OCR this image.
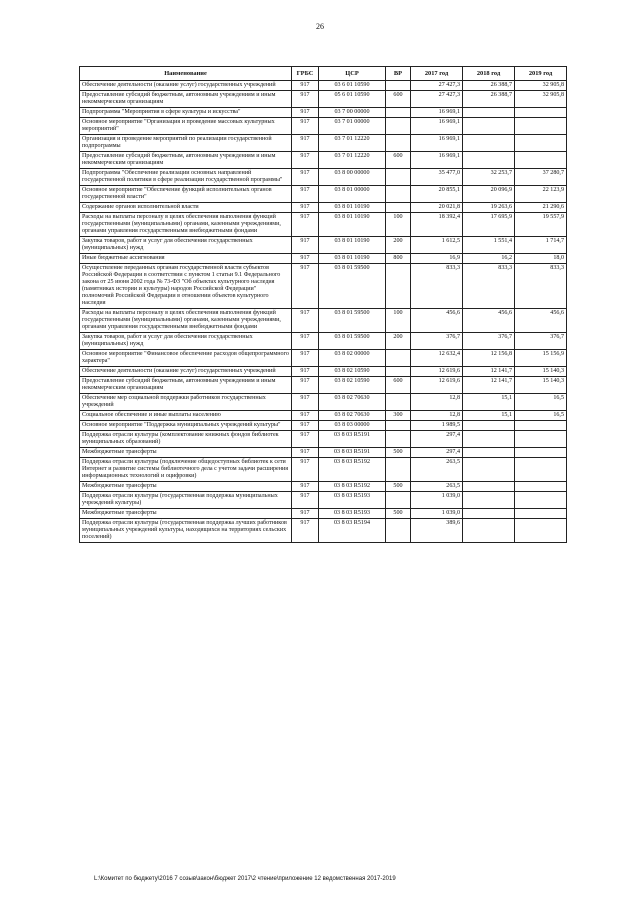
26
Наименование	ГРБС	ЦСР	ВР	2017 год	2018 год	2019 год
Обеспечение деятельности (оказание услуг) государственных учреждений	917	03 6 01 10590		27 427,3	26 388,7	32 905,8
Предоставление субсидий бюджетным, автономным учреждениям и иным некоммерческим организациям	917	05 6 01 10590	600	27 427,3	26 388,7	32 905,8
Подпрограмма "Мероприятия в сфере культуры и искусства"	917	03 7 00 00000		16 969,1		
Основное мероприятие "Организация и проведение массовых культурных мероприятий"	917	03 7 01 00000		16 969,1		
Организация и проведение мероприятий по реализации государственной подпрограммы	917	03 7 01 12220		16 969,1		
Предоставление субсидий бюджетным, автономным учреждениям и иным некоммерческим организациям	917	03 7 01 12220	600	16 969,1		
Подпрограмма "Обеспечение реализации основных направлений государственной политики в сфере реализации государственной программы"	917	03 8 00 00000		35 477,0	32 253,7	37 280,7
Основное мероприятие "Обеспечение функций исполнительных органов государственной власти"	917	03 8 01 00000		20 855,1	20 096,9	22 123,9
Содержание органов исполнительной власти	917	03 8 01 10190		20 021,8	19 263,6	21 290,6
Расходы на выплаты персоналу в целях обеспечения выполнения функций государственными (муниципальными) органами, казенными учреждениями, органами управления государственными внебюджетными фондами	917	03 8 01 10190	100	18 392,4	17 695,9	19 557,9
Закупка товаров, работ и услуг для обеспечения государственных (муниципальных) нужд	917	03 8 01 10190	200	1 612,5	1 551,4	1 714,7
Иные бюджетные ассигнования	917	03 8 01 10190	800	16,9	16,2	18,0
Осуществление переданных органам государственной власти субъектов Российской Федерации в соответствии с пунктом 1 статьи 9.1 Федерального закона от 25 июня 2002 года № 73-ФЗ "Об объектах культурного наследия (памятниках истории и культуры) народов Российской Федерации" полномочий Российской Федерации в отношении объектов культурного наследия	917	03 8 01 59500		833,3	833,3	833,3
Расходы на выплаты персоналу в целях обеспечения выполнения функций государственными (муниципальными) органами, казенными учреждениями, органами управления государственными внебюджетными фондами	917	03 8 01 59500	100	456,6	456,6	456,6
Закупка товаров, работ и услуг для обеспечения государственных (муниципальных) нужд	917	03 8 01 59500	200	376,7	376,7	376,7
Основное мероприятие "Финансовое обеспечение расходов общепрограммного характера"	917	03 8 02 00000		12 632,4	12 156,8	15 156,9
Обеспечение деятельности (оказание услуг) государственных учреждений	917	03 8 02 10590		12 619,6	12 141,7	15 140,3
Предоставление субсидий бюджетным, автономным учреждениям и иным некоммерческим организациям	917	03 8 02 10590	600	12 619,6	12 141,7	15 140,3
Обеспечение мер социальной поддержки работников государственных учреждений	917	03 8 02 70630		12,8	15,1	16,5
Социальное обеспечение и иные выплаты населению	917	03 8 02 70630	300	12,8	15,1	16,5
Основное мероприятие "Поддержка муниципальных учреждений культуры"	917	03 8 03 00000		1 989,5		
Поддержка отрасли культуры (комплектование книжных фондов библиотек муниципальных образований)	917	03 8 03 R5191		297,4		
Межбюджетные трансферты	917	03 8 03 R5191	500	297,4		
Поддержка отрасли культуры (подключение общедоступных библиотек к сети Интернет и развитие системы библиотечного дела с учетом задачи расширения информационных технологий и оцифровки)	917	03 8 03 R5192		263,5		
Межбюджетные трансферты	917	03 8 03 R5192	500	263,5		
Поддержка отрасли культуры (государственная поддержка муниципальных учреждений культуры)	917	03 8 03 R5193		1 039,0		
Межбюджетные трансферты	917	03 8 03 R5193	500	1 039,0		
Поддержка отрасли культуры (государственная поддержка лучших работников муниципальных учреждений культуры, находящихся на территориях сельских поселений)	917	03 8 03 R5194		389,6		
L:\Комитет по бюджету\2016 7 созыв\закон\бюджет 2017\2 чтение\приложение 12 ведомственная 2017-2019
